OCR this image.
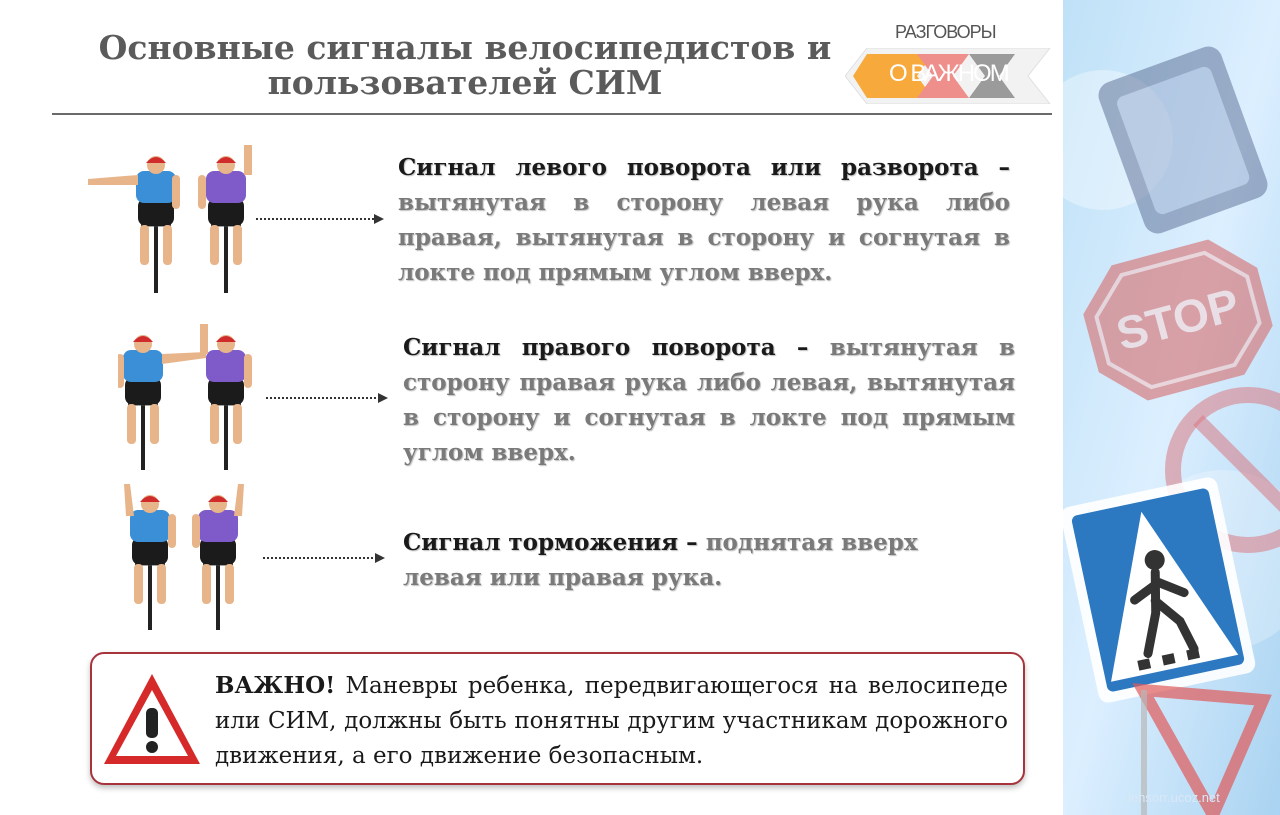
Основные сигналы велосипедистов и
пользователей СИМ
РАЗГОВОРЫ
О ВАЖНОМ
STOP
lensorr.ucoz.net
Сигнал левого поворота или разворота – вытянутая в сторону левая рука либо правая, вытянутая в сторону и согнутая в локте под прямым углом вверх.
Сигнал правого поворота – вытянутая в сторону правая рука либо левая, вытянутая в сторону и согнутая в локте под прямым углом вверх.
Сигнал торможения – поднятая вверх левая или правая рука.
ВАЖНО! Маневры ребенка, передвигающегося на велосипеде или СИМ, должны быть понятны другим участникам дорожного движения, а его движение безопасным.
